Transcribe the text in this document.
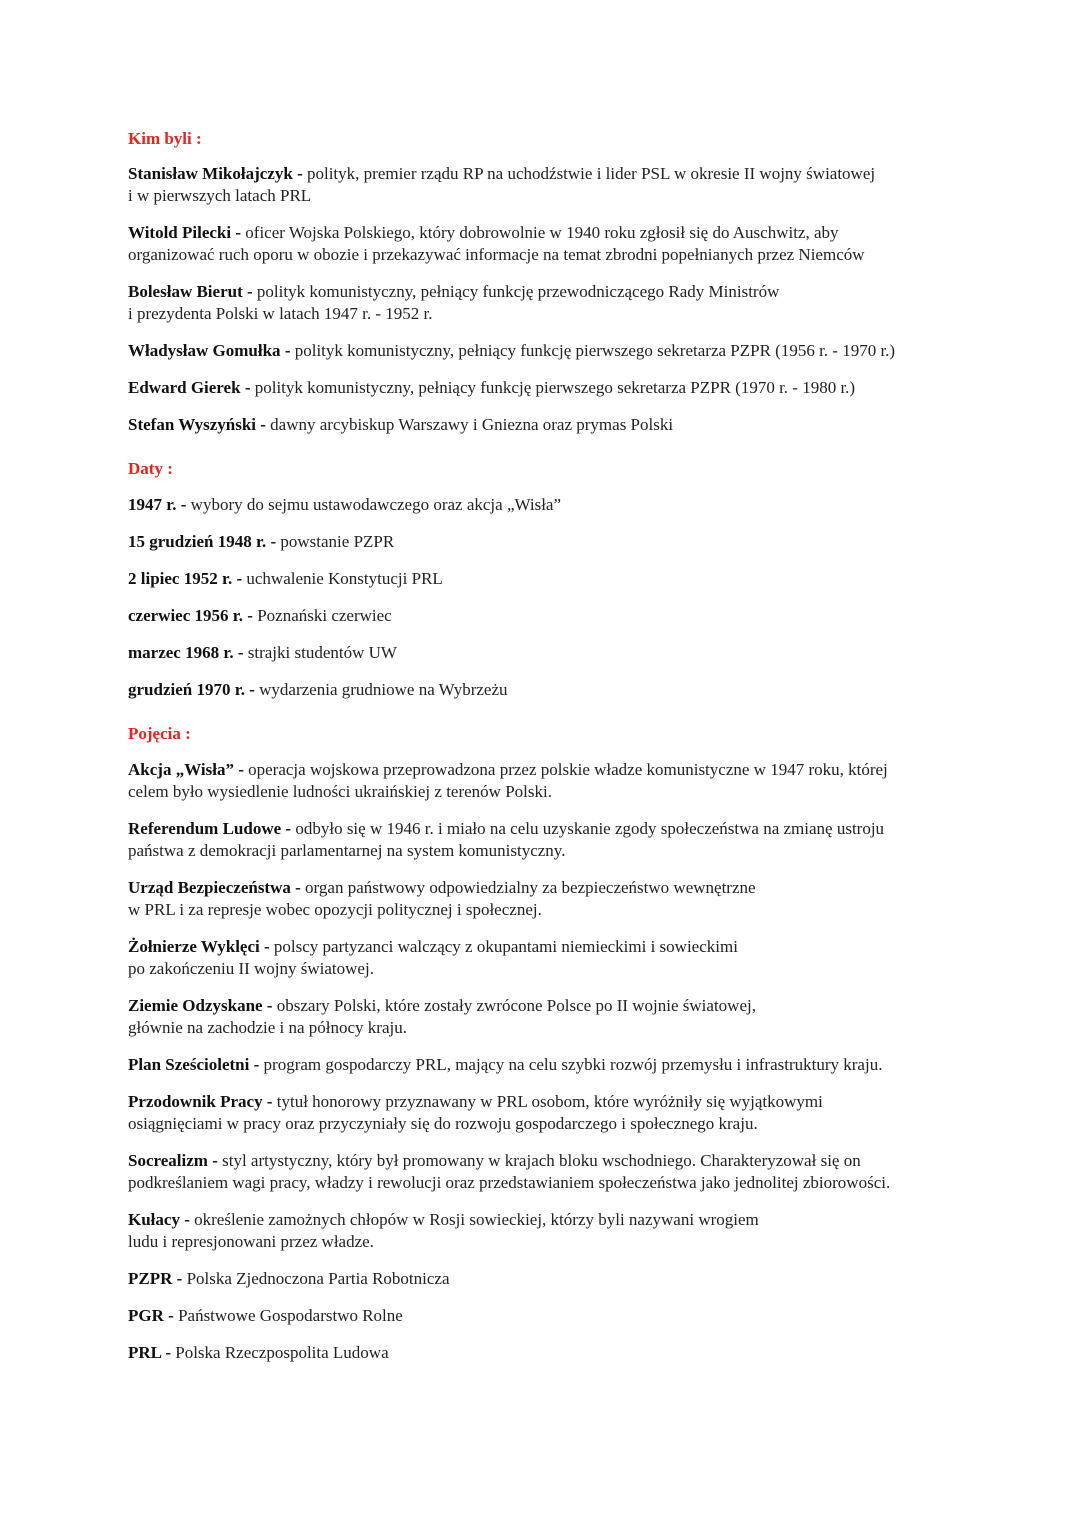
Kim byli :

Stanisław Mikołajczyk - polityk, premier rządu RP na uchodźstwie i lider PSL w okresie II wojny światowej
i w pierwszych latach PRL

Witold Pilecki - oficer Wojska Polskiego, który dobrowolnie w 1940 roku zgłosił się do Auschwitz, aby
organizować ruch oporu w obozie i przekazywać informacje na temat zbrodni popełnianych przez Niemców

Bolesław Bierut - polityk komunistyczny, pełniący funkcję przewodniczącego Rady Ministrów
i prezydenta Polski w latach 1947 r. - 1952 r.

Władysław Gomułka - polityk komunistyczny, pełniący funkcję pierwszego sekretarza PZPR (1956 r. - 1970 r.)

Edward Gierek - polityk komunistyczny, pełniący funkcję pierwszego sekretarza PZPR (1970 r. - 1980 r.)

Stefan Wyszyński - dawny arcybiskup Warszawy i Gniezna oraz prymas Polski

Daty :

1947 r. - wybory do sejmu ustawodawczego oraz akcja „Wisła”

15 grudzień 1948 r. - powstanie PZPR

2 lipiec 1952 r. - uchwalenie Konstytucji PRL

czerwiec 1956 r. - Poznański czerwiec

marzec 1968 r. - strajki studentów UW

grudzień 1970 r. - wydarzenia grudniowe na Wybrzeżu

Pojęcia :

Akcja „Wisła” - operacja wojskowa przeprowadzona przez polskie władze komunistyczne w 1947 roku, której
celem było wysiedlenie ludności ukraińskiej z terenów Polski.

Referendum Ludowe - odbyło się w 1946 r. i miało na celu uzyskanie zgody społeczeństwa na zmianę ustroju
państwa z demokracji parlamentarnej na system komunistyczny.

Urząd Bezpieczeństwa - organ państwowy odpowiedzialny za bezpieczeństwo wewnętrzne
w PRL i za represje wobec opozycji politycznej i społecznej.

Żołnierze Wyklęci - polscy partyzanci walczący z okupantami niemieckimi i sowieckimi
po zakończeniu II wojny światowej.

Ziemie Odzyskane - obszary Polski, które zostały zwrócone Polsce po II wojnie światowej,
głównie na zachodzie i na północy kraju.

Plan Sześcioletni - program gospodarczy PRL, mający na celu szybki rozwój przemysłu i infrastruktury kraju.

Przodownik Pracy - tytuł honorowy przyznawany w PRL osobom, które wyróżniły się wyjątkowymi
osiągnięciami w pracy oraz przyczyniały się do rozwoju gospodarczego i społecznego kraju.

Socrealizm - styl artystyczny, który był promowany w krajach bloku wschodniego. Charakteryzował się on
podkreślaniem wagi pracy, władzy i rewolucji oraz przedstawianiem społeczeństwa jako jednolitej zbiorowości.

Kułacy - określenie zamożnych chłopów w Rosji sowieckiej, którzy byli nazywani wrogiem
ludu i represjonowani przez władze.

PZPR - Polska Zjednoczona Partia Robotnicza

PGR - Państwowe Gospodarstwo Rolne

PRL - Polska Rzeczpospolita Ludowa
